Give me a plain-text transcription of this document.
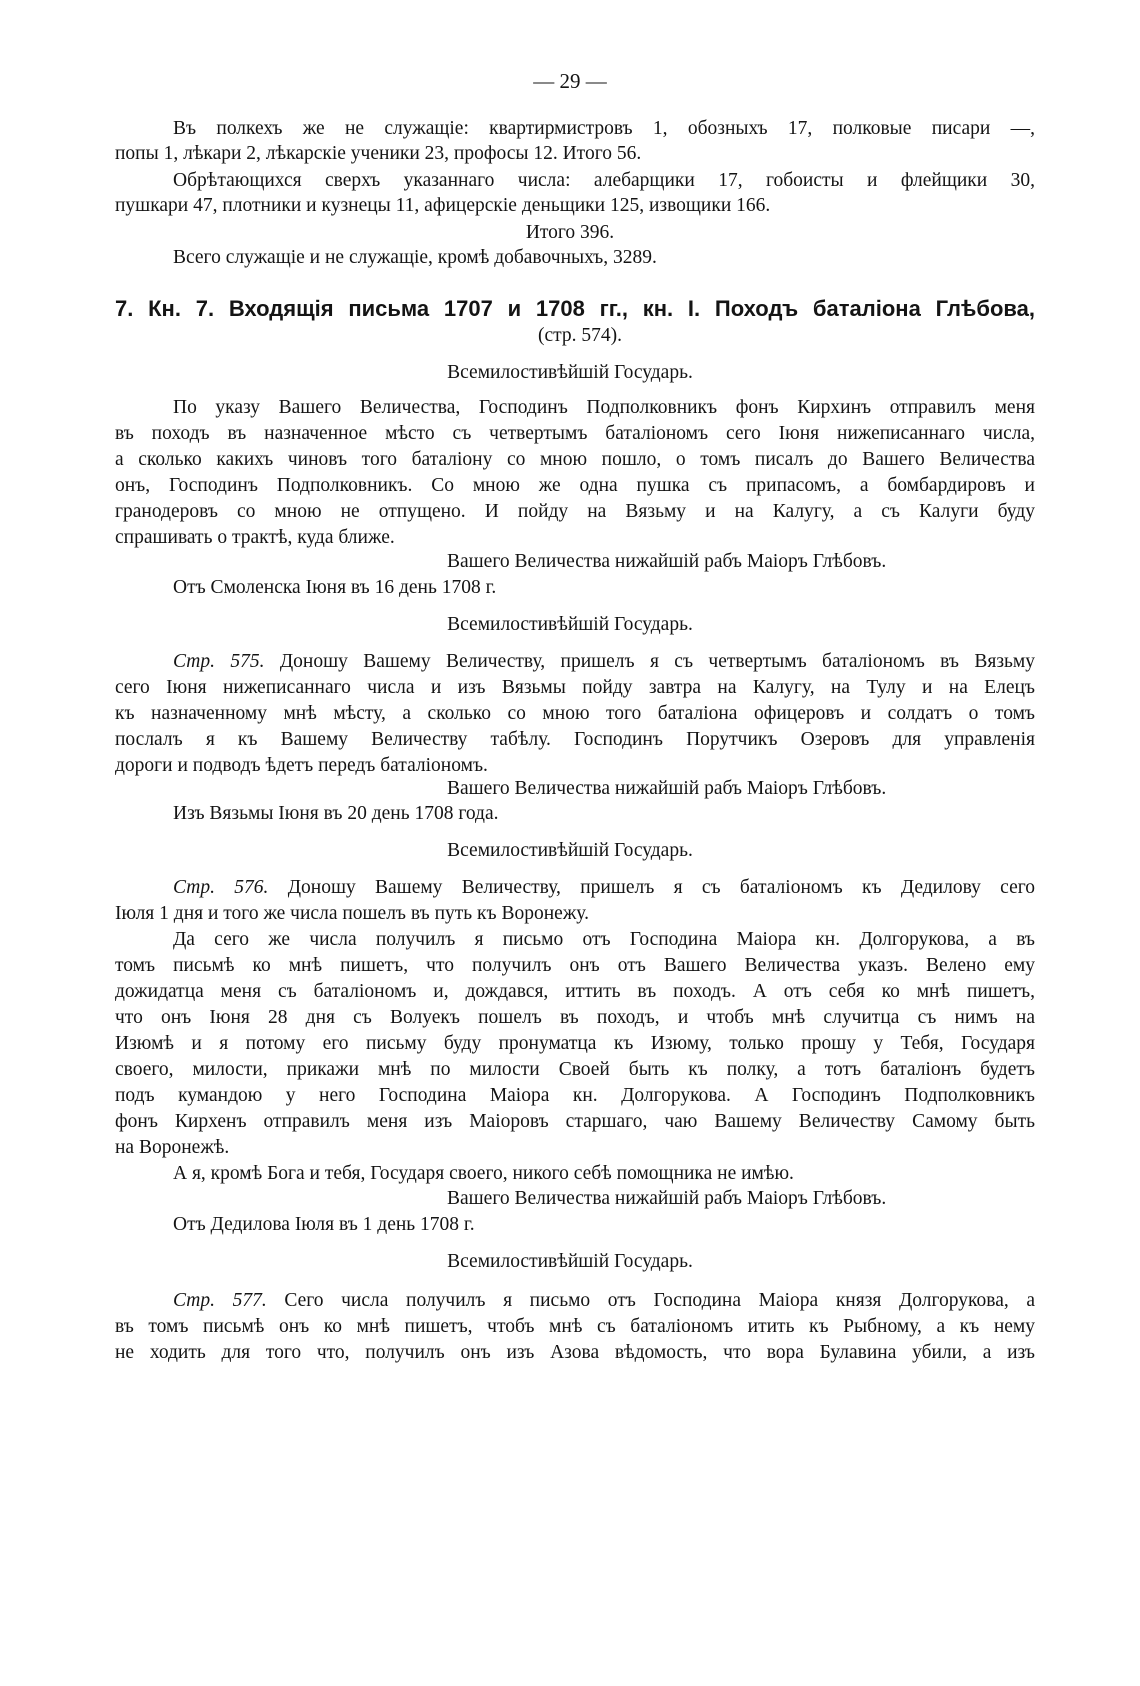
— 29 —
Въ полкехъ же не служащіе: квартирмистровъ 1, обозныхъ 17, полковые писари —,
попы 1, лѣкари 2, лѣкарскіе ученики 23, профосы 12. Итого 56.
Обрѣтающихся сверхъ указаннаго числа: алебарщики 17, гобоисты и флейщики 30,
пушкари 47, плотники и кузнецы 11, афицерскіе деньщики 125, извощики 166.
Итого 396.
Всего служащіе и не служащіе, кромѣ добавочныхъ, 3289.
7. Кн. 7. Входящія письма 1707 и 1708 гг., кн. I. Походъ баталіона Глѣбова,
(стр. 574).
Всемилостивѣйшій Государь.
По указу Вашего Величества, Господинъ Подполковникъ фонъ Кирхинъ отправилъ меня
въ походъ въ назначенное мѣсто съ четвертымъ баталіономъ сего Іюня нижеписаннаго числа,
а сколько какихъ чиновъ того баталіону со мною пошло, о томъ писалъ до Вашего Величества
онъ, Господинъ Подполковникъ. Со мною же одна пушка съ припасомъ, а бомбардировъ и
гранодеровъ со мною не отпущено. И пойду на Вязьму и на Калугу, а съ Калуги буду
спрашивать о трактѣ, куда ближе.
Вашего Величества нижайшій рабъ Маіоръ Глѣбовъ.
Отъ Смоленска Іюня въ 16 день 1708 г.
Всемилостивѣйшій Государь.
Стр. 575. Доношу Вашему Величеству, пришелъ я съ четвертымъ баталіономъ въ Вязьму
сего Іюня нижеписаннаго числа и изъ Вязьмы пойду завтра на Калугу, на Тулу и на Елецъ
къ назначенному мнѣ мѣсту, а сколько со мною того баталіона офицеровъ и солдатъ о томъ
послалъ я къ Вашему Величеству табѣлу. Господинъ Порутчикъ Озеровъ для управленія
дороги и подводъ ѣдетъ передъ баталіономъ.
Вашего Величества нижайшій рабъ Маіоръ Глѣбовъ.
Изъ Вязьмы Іюня въ 20 день 1708 года.
Всемилостивѣйшій Государь.
Стр. 576. Доношу Вашему Величеству, пришелъ я съ баталіономъ къ Дедилову сего
Іюля 1 дня и того же числа пошелъ въ путь къ Воронежу.
Да сего же числа получилъ я письмо отъ Господина Маіора кн. Долгорукова, а въ
томъ письмѣ ко мнѣ пишетъ, что получилъ онъ отъ Вашего Величества указъ. Велено ему
дожидатца меня съ баталіономъ и, дождався, иттить въ походъ. А отъ себя ко мнѣ пишетъ,
что онъ Іюня 28 дня съ Волуекъ пошелъ въ походъ, и чтобъ мнѣ случитца съ нимъ на
Изюмѣ и я потому его письму буду пронуматца къ Изюму, только прошу у Тебя, Государя
своего, милости, прикажи мнѣ по милости Своей быть къ полку, а тотъ баталіонъ будетъ
подъ кумандою у него Господина Маіора кн. Долгорукова. А Господинъ Подполковникъ
фонъ Кирхенъ отправилъ меня изъ Маіоровъ старшаго, чаю Вашему Величеству Самому быть
на Воронежѣ.
А я, кромѣ Бога и тебя, Государя своего, никого себѣ помощника не имѣю.
Вашего Величества нижайшій рабъ Маіоръ Глѣбовъ.
Отъ Дедилова Іюля въ 1 день 1708 г.
Всемилостивѣйшій Государь.
Стр. 577. Сего числа получилъ я письмо отъ Господина Маіора князя Долгорукова, а
въ томъ письмѣ онъ ко мнѣ пишетъ, чтобъ мнѣ съ баталіономъ итить къ Рыбному, а къ нему
не ходить для того что, получилъ онъ изъ Азова вѣдомость, что вора Булавина убили, а изъ
